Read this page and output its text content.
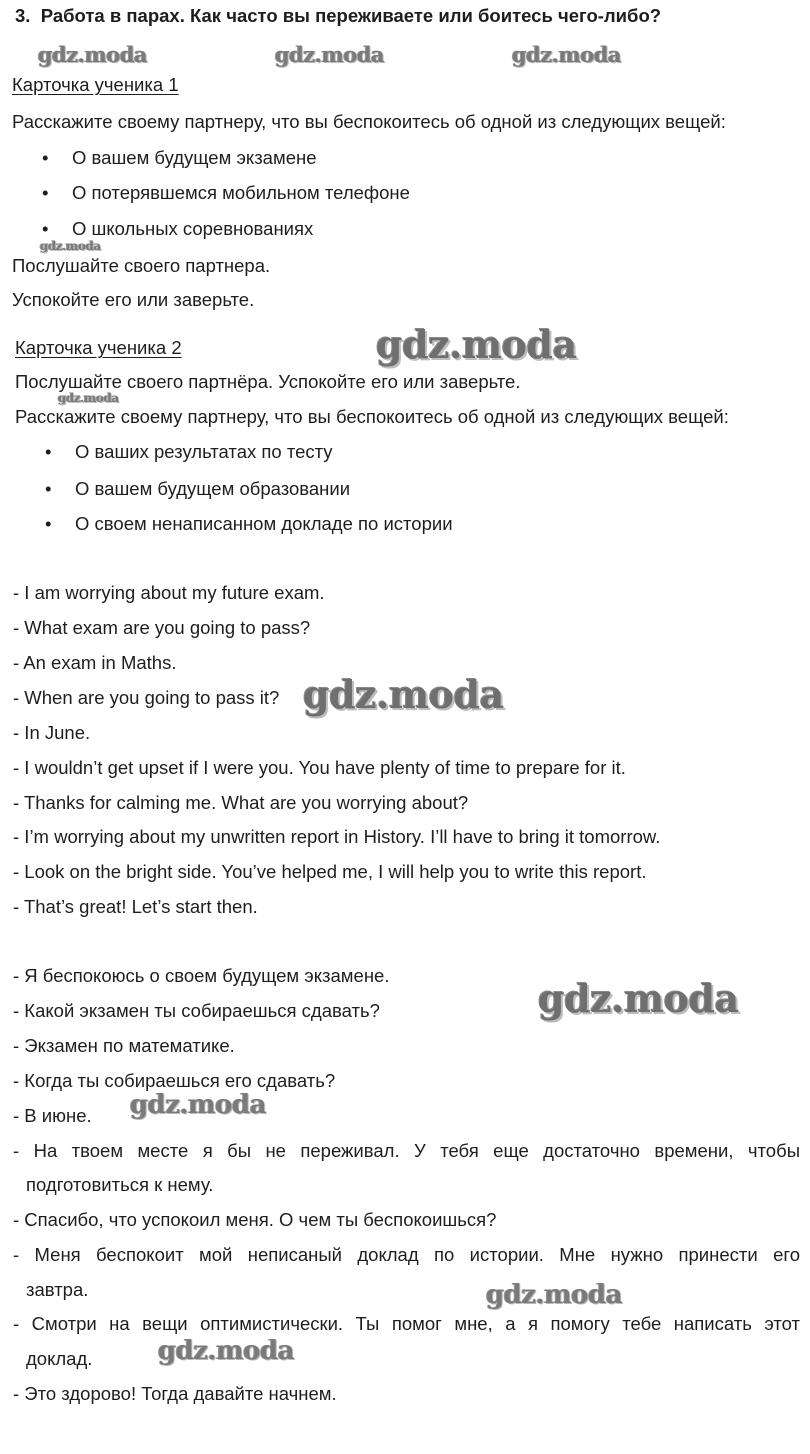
3. Работа в парах. Как часто вы переживаете или боитесь чего-либо?
Карточка ученика 1
Расскажите своему партнеру, что вы беспокоитесь об одной из следующих вещей:
• О вашем будущем экзамене
• О потерявшемся мобильном телефоне
• О школьных соревнованиях
Послушайте своего партнера.
Успокойте его или заверьте.
Карточка ученика 2
Послушайте своего партнёра. Успокойте его или заверьте.
Расскажите своему партнеру, что вы беспокоитесь об одной из следующих вещей:
• О ваших результатах по тесту
• О вашем будущем образовании
• О своем ненаписанном докладе по истории
- I am worrying about my future exam.
- What exam are you going to pass?
- An exam in Maths.
- When are you going to pass it?
- In June.
- I wouldn’t get upset if I were you. You have plenty of time to prepare for it.
- Thanks for calming me. What are you worrying about?
- I’m worrying about my unwritten report in History. I’ll have to bring it tomorrow.
- Look on the bright side. You’ve helped me, I will help you to write this report.
- That’s great! Let’s start then.
- Я беспокоюсь о своем будущем экзамене.
- Какой экзамен ты собираешься сдавать?
- Экзамен по математике.
- Когда ты собираешься его сдавать?
- В июне.
- На твоем месте я бы не переживал. У тебя еще достаточно времени, чтобы
подготовиться к нему.
- Спасибо, что успокоил меня. О чем ты беспокоишься?
- Меня беспокоит мой неписаный доклад по истории. Мне нужно принести его
завтра.
- Смотри на вещи оптимистически. Ты помог мне, а я помогу тебе написать этот
доклад.
- Это здорово! Тогда давайте начнем.
gdz.moda	gdz.moda	gdz.moda
gdz.moda
gdz.moda
gdz.moda
gdz.moda
gdz.moda
gdz.moda
gdz.moda
gdz.moda
